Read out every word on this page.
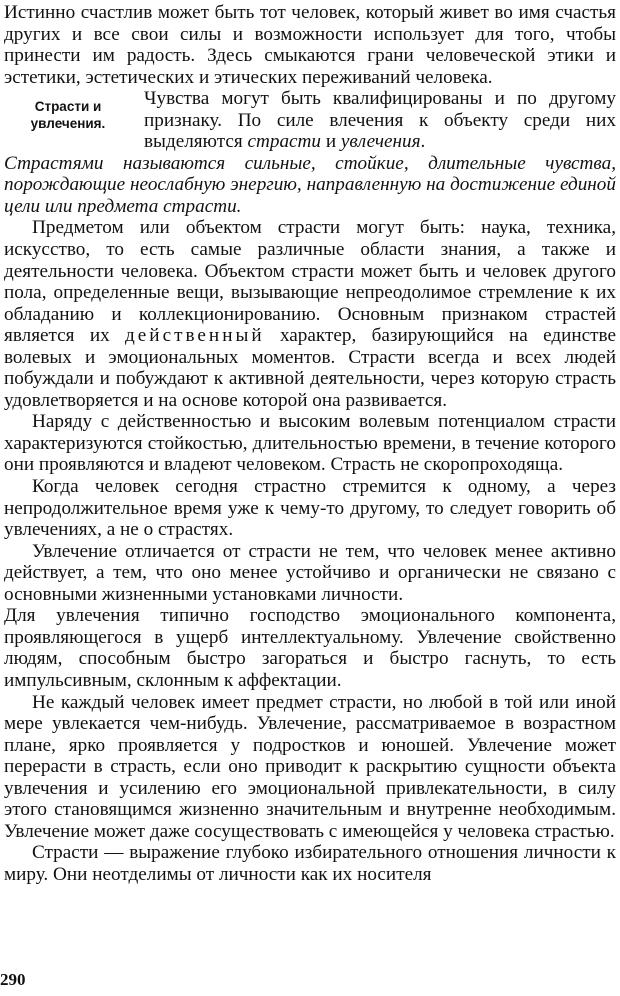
Истинно счастлив может быть тот человек, который живет во имя счастья других и все свои силы и возможности использует для того, чтобы принести им радость. Здесь смыкаются грани человеческой этики и эстетики, эстетических и этических переживаний человека.

Страсти и увлечения.

Чувства могут быть квалифицированы и по другому признаку. По силе влечения к объекту среди них выделяются страсти и увлечения.

Страстями называются сильные, стойкие, длительные чувства, порождающие неослабную энергию, направленную на достижение единой цели или предмета страсти.

Предметом или объектом страсти могут быть: наука, техника, искусство, то есть самые различные области знания, а также и деятельности человека. Объектом страсти может быть и человек другого пола, определенные вещи, вызывающие непреодолимое стремление к их обладанию и коллекционированию. Основным признаком страстей является их действенный характер, базирующийся на единстве волевых и эмоциональных моментов. Страсти всегда и всех людей побуждали и побуждают к активной деятельности, через которую страсть удовлетворяется и на основе которой она развивается.

Наряду с действенностью и высоким волевым потенциалом страсти характеризуются стойкостью, длительностью времени, в течение которого они проявляются и владеют человеком. Страсть не скоропроходяща.

Когда человек сегодня страстно стремится к одному, а через непродолжительное время уже к чему-то другому, то следует говорить об увлечениях, а не о страстях.

Увлечение отличается от страсти не тем, что человек менее активно действует, а тем, что оно менее устойчиво и органически не связано с основными жизненными установками личности.

Для увлечения типично господство эмоционального компонента, проявляющегося в ущерб интеллектуальному. Увлечение свойственно людям, способным быстро загораться и быстро гаснуть, то есть импульсивным, склонным к аффектации.

Не каждый человек имеет предмет страсти, но любой в той или иной мере увлекается чем-нибудь. Увлечение, рассматриваемое в возрастном плане, ярко проявляется у подростков и юношей. Увлечение может перерасти в страсть, если оно приводит к раскрытию сущности объекта увлечения и усилению его эмоциональной привлекательности, в силу этого становящимся жизненно значительным и внутренне необходимым. Увлечение может даже сосуществовать с имеющейся у человека страстью.

Страсти — выражение глубоко избирательного отношения личности к миру. Они неотделимы от личности как их носителя

290
